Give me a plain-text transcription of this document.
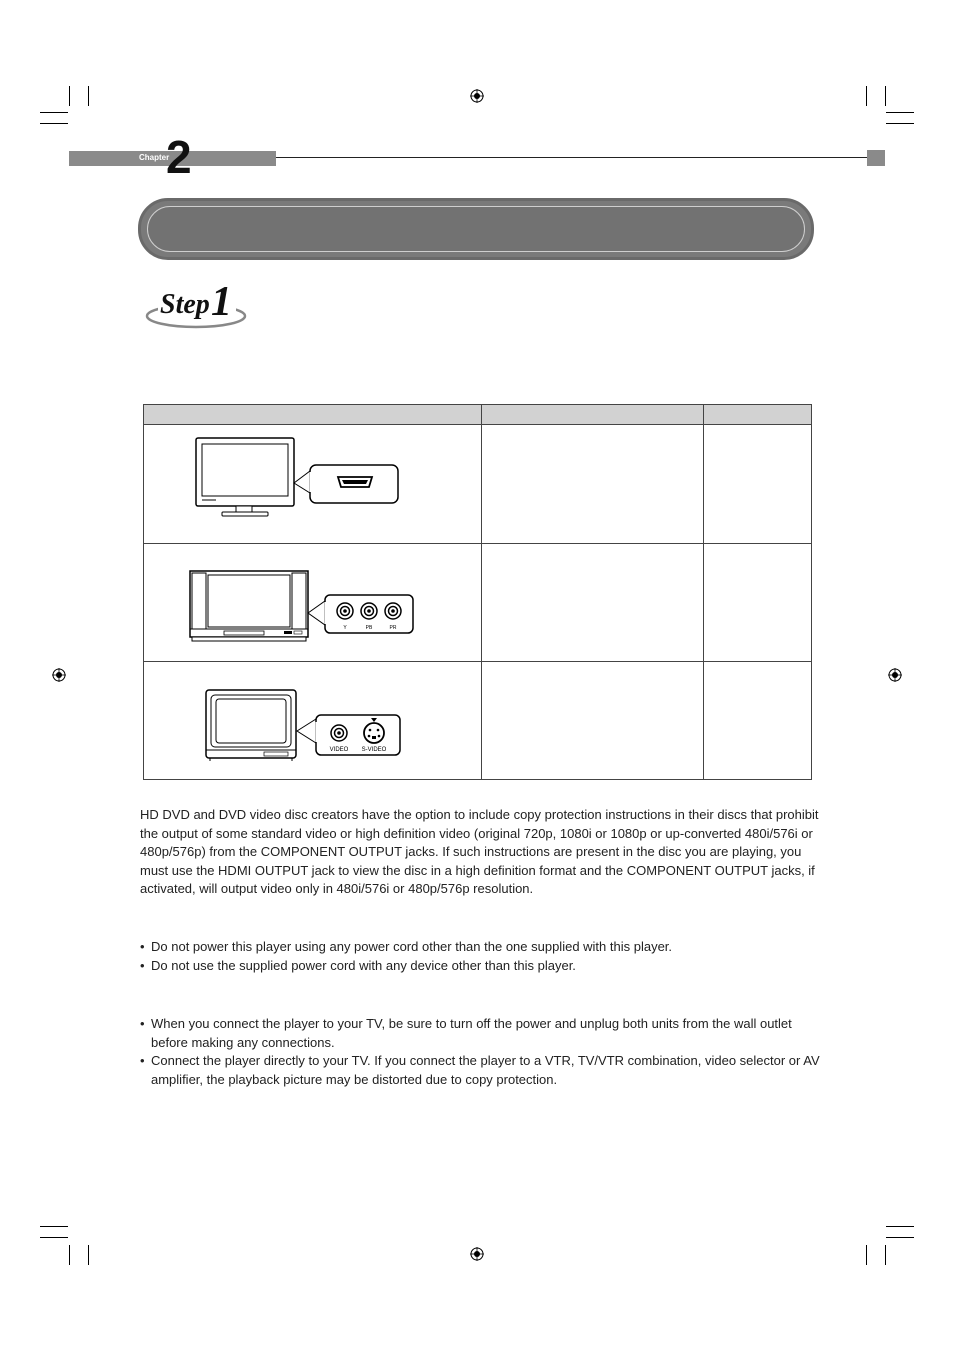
Chapter
2
Step 1
Y	PB	PR
VIDEO S-VIDEO
HD DVD and DVD video disc creators have the option to include copy protection instructions in their discs that prohibit the output of some standard video or high definition video (original 720p, 1080i or 1080p or up-converted 480i/576i or 480p/576p) from the COMPONENT OUTPUT jacks. If such instructions are present in the disc you are playing, you must use the HDMI OUTPUT jack to view the disc in a high definition format and the COMPONENT OUTPUT jacks, if activated, will output video only in 480i/576i or 480p/576p resolution.
• Do not power this player using any power cord other than the one supplied with this player.
• Do not use the supplied power cord with any device other than this player.
• When you connect the player to your TV, be sure to turn off the power and unplug both units from the wall outlet before making any connections.
• Connect the player directly to your TV. If you connect the player to a VTR, TV/VTR combination, video selector or AV amplifier, the playback picture may be distorted due to copy protection.
